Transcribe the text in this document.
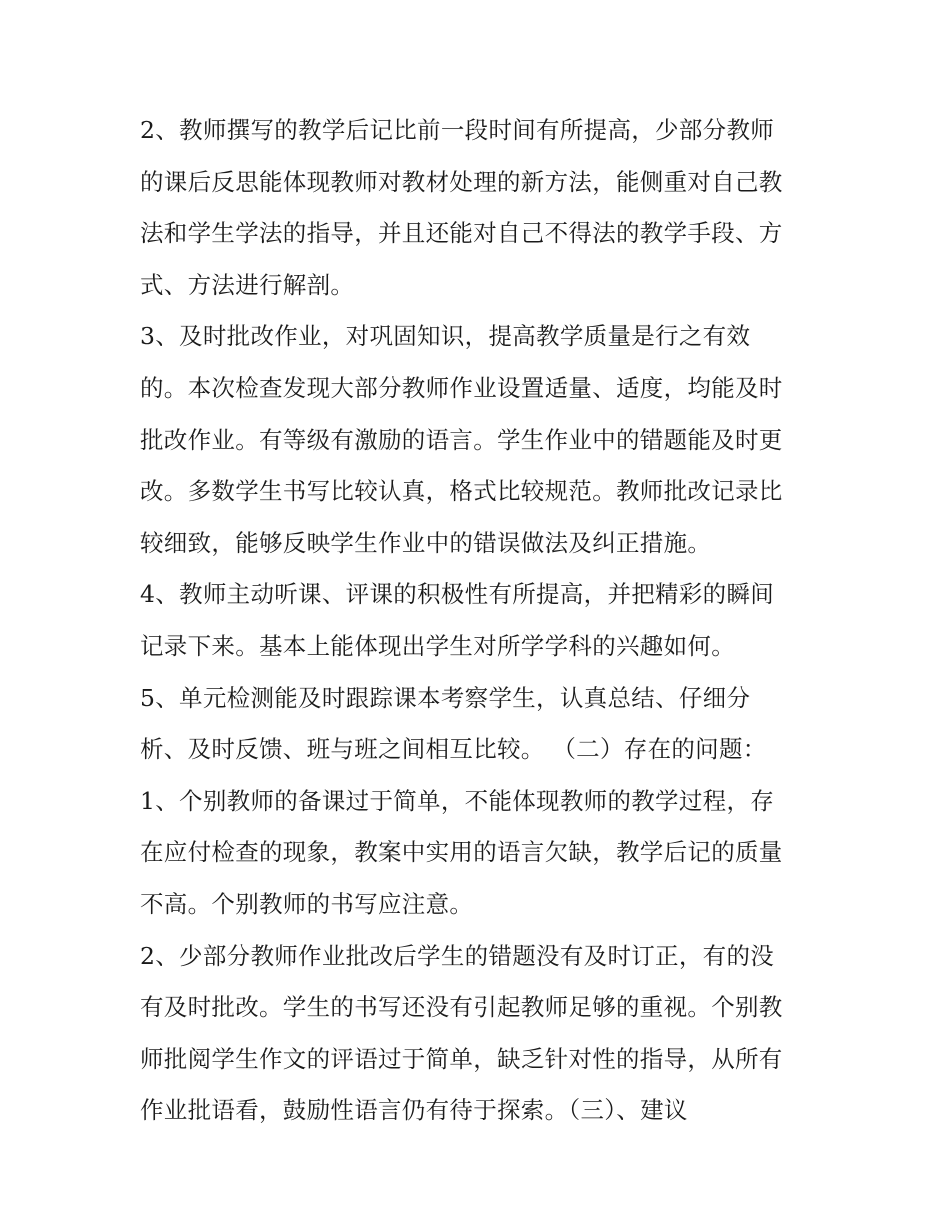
2、教师撰写的教学后记比前一段时间有所提高，少部分教师
的课后反思能体现教师对教材处理的新方法，能侧重对自己教
法和学生学法的指导，并且还能对自己不得法的教学手段、方
式、方法进行解剖。
3、及时批改作业，对巩固知识，提高教学质量是行之有效
的。本次检查发现大部分教师作业设置适量、适度，均能及时
批改作业。有等级有激励的语言。学生作业中的错题能及时更
改。多数学生书写比较认真，格式比较规范。教师批改记录比
较细致，能够反映学生作业中的错误做法及纠正措施。
4、教师主动听课、评课的积极性有所提高，并把精彩的瞬间
记录下来。基本上能体现出学生对所学学科的兴趣如何。
5、单元检测能及时跟踪课本考察学生，认真总结、仔细分
析、及时反馈、班与班之间相互比较。 （二）存在的问题：
1、个别教师的备课过于简单，不能体现教师的教学过程，存
在应付检查的现象，教案中实用的语言欠缺，教学后记的质量
不高。个别教师的书写应注意。
2、少部分教师作业批改后学生的错题没有及时订正，有的没
有及时批改。学生的书写还没有引起教师足够的重视。个别教
师批阅学生作文的评语过于简单，缺乏针对性的指导，从所有
作业批语看，鼓励性语言仍有待于探索。（三）、建议
